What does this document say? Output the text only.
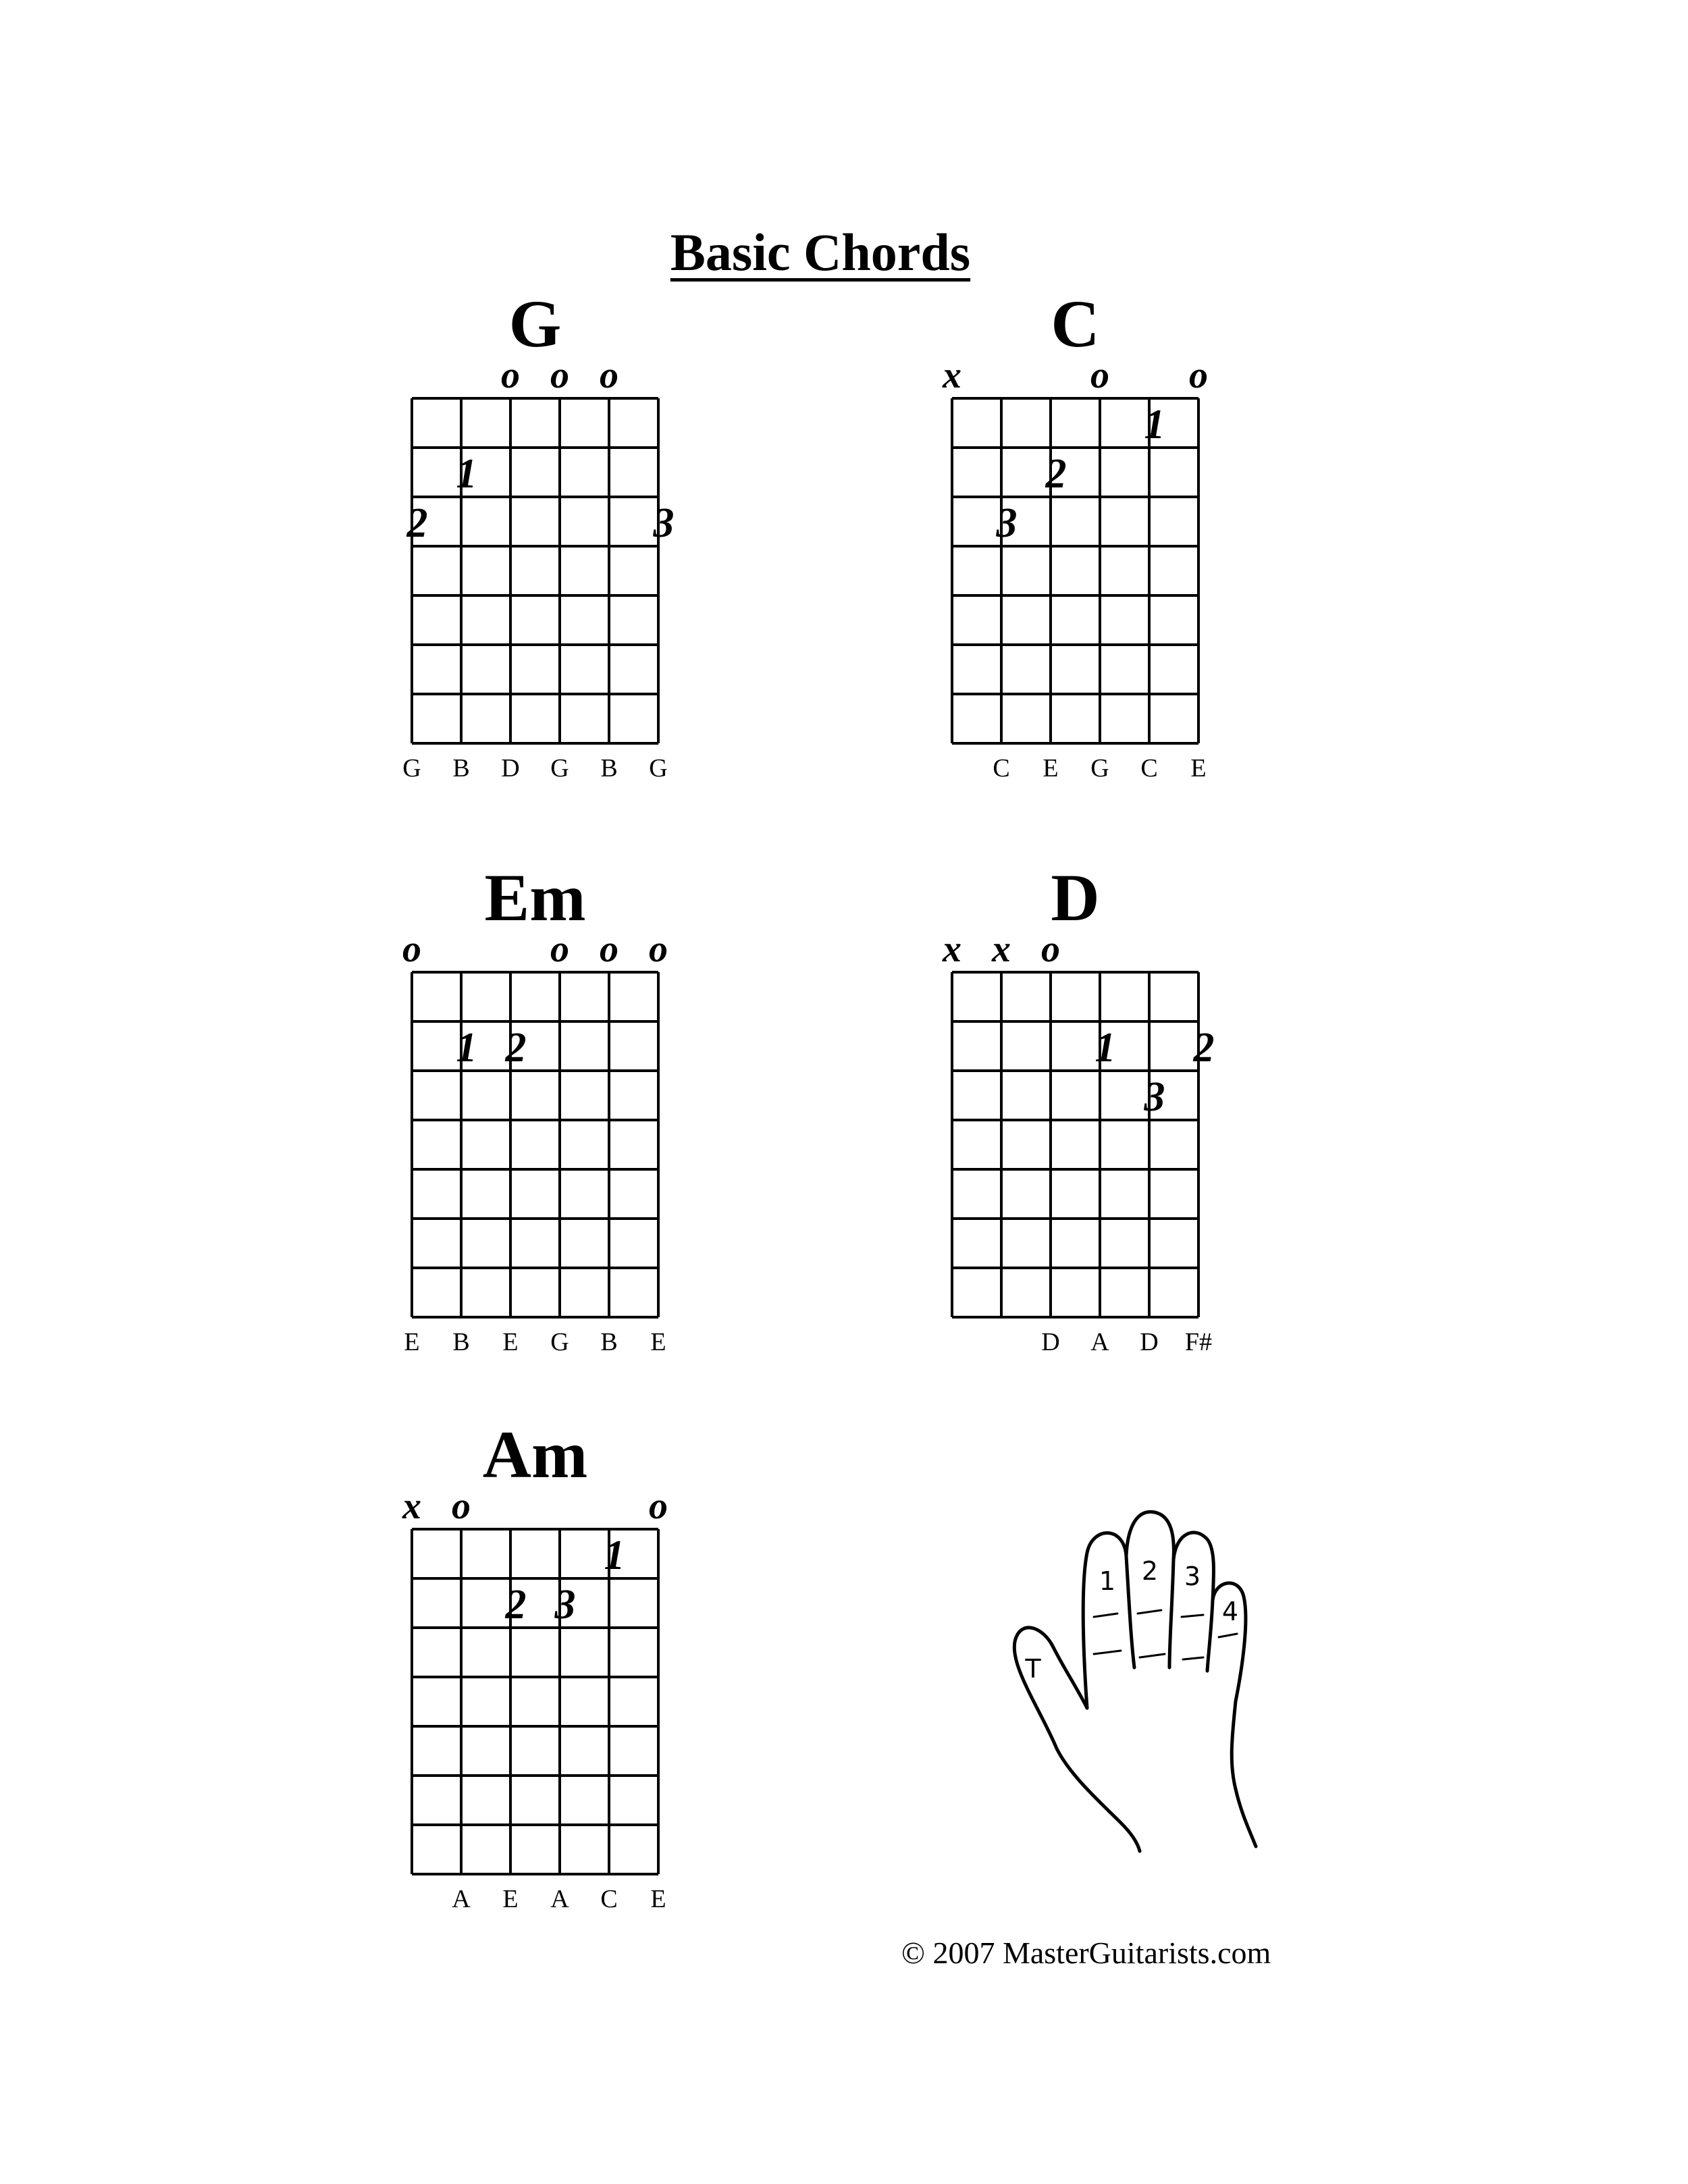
Basic Chords
G
o o o
1
2	3
G	B	D	G	B	G
C
x	o o
1
2
3
C	E	G	C	E
Em
o	o o o
1 2
E	B	E	G	B	E
D
x x o
1 2
3
D	A	D	F#
Am
x o	o
1
2 3
A	E	A	C	E
1 2 3
4
T
© 2007 MasterGuitarists.com
